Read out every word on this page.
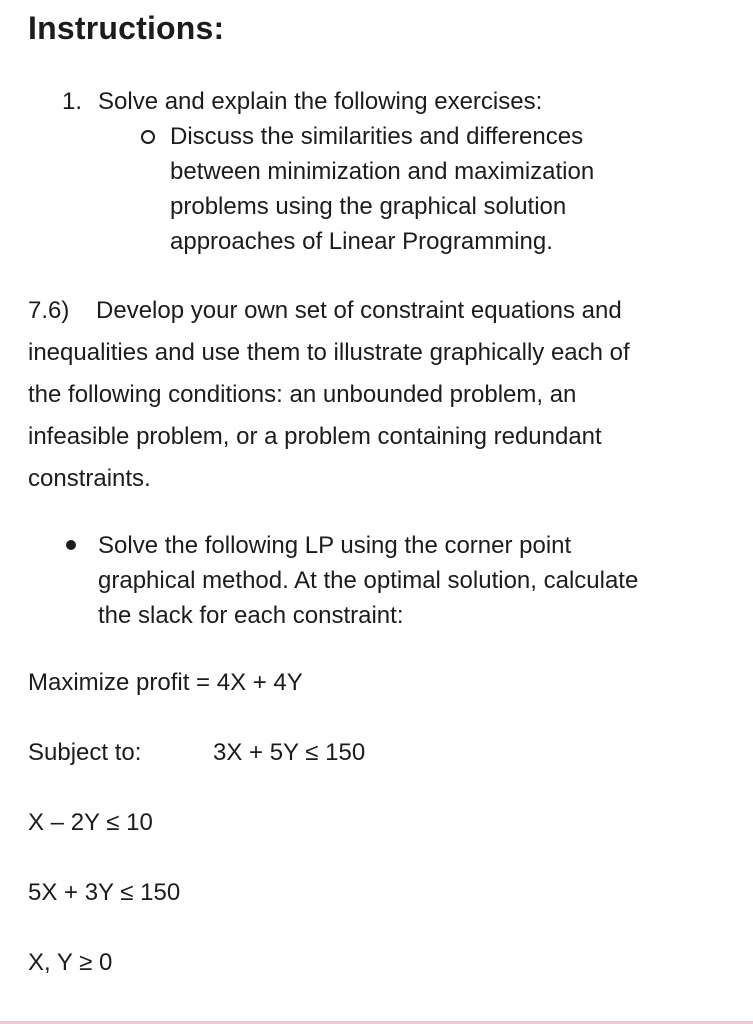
Instructions:
1. Solve and explain the following exercises:
Discuss the similarities and differences
between minimization and maximization
problems using the graphical solution
approaches of Linear Programming.
7.6)    Develop your own set of constraint equations and
inequalities and use them to illustrate graphically each of
the following conditions: an unbounded problem, an
infeasible problem, or a problem containing redundant
constraints.
Solve the following LP using the corner point
graphical method. At the optimal solution, calculate
the slack for each constraint:
Maximize profit = 4X + 4Y
Subject to:	3X + 5Y ≤ 150
X – 2Y ≤ 10
5X + 3Y ≤ 150
X, Y ≥ 0
